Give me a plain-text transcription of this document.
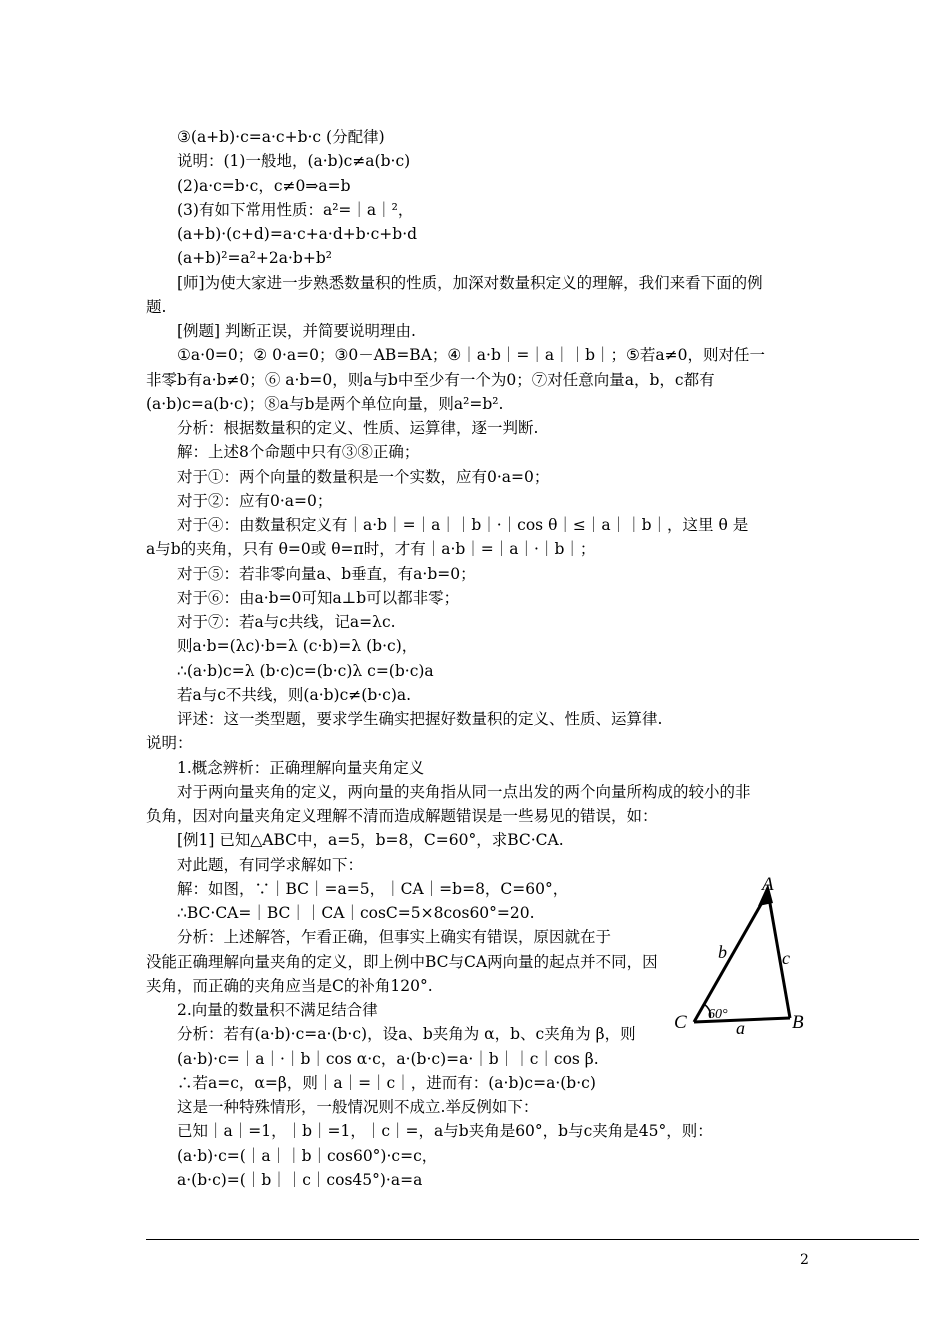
③(a+b)·c=a·c+b·c (分配律)
说明：(1)一般地，(a·b)c≠a(b·c)
(2)a·c=b·c，c≠0⇒a=b
(3)有如下常用性质：a²=｜a｜²，
(a+b)·(c+d)=a·c+a·d+b·c+b·d
(a+b)²=a²+2a·b+b²
[师]为使大家进一步熟悉数量积的性质，加深对数量积定义的理解，我们来看下面的例
题.
[例题] 判断正误，并简要说明理由.
①a·0=0；② 0·a=0；③0－AB=BA；④｜a·b｜=｜a｜｜b｜；⑤若a≠0，则对任一
非零b有a·b≠0；⑥ a·b=0，则a与b中至少有一个为0；⑦对任意向量a，b，c都有
(a·b)c=a(b·c)；⑧a与b是两个单位向量，则a²=b².
分析：根据数量积的定义、性质、运算律，逐一判断.
解：上述8个命题中只有③⑧正确；
对于①：两个向量的数量积是一个实数，应有0·a=0；
对于②：应有0·a=0；
对于④：由数量积定义有｜a·b｜=｜a｜｜b｜·｜cos θ｜≤｜a｜｜b｜，这里 θ 是
a与b的夹角，只有 θ=0或 θ=π时，才有｜a·b｜=｜a｜·｜b｜；
对于⑤：若非零向量a、b垂直，有a·b=0；
对于⑥：由a·b=0可知a⊥b可以都非零；
对于⑦：若a与c共线，记a=λc.
则a·b=(λc)·b=λ (c·b)=λ (b·c)，
∴(a·b)c=λ (b·c)c=(b·c)λ c=(b·c)a
若a与c不共线，则(a·b)c≠(b·c)a.
评述：这一类型题，要求学生确实把握好数量积的定义、性质、运算律.
说明：
1.概念辨析：正确理解向量夹角定义
对于两向量夹角的定义，两向量的夹角指从同一点出发的两个向量所构成的较小的非
负角，因对向量夹角定义理解不清而造成解题错误是一些易见的错误，如：
[例1] 已知△ABC中，a=5，b=8，C=60°，求BC·CA.
对此题，有同学求解如下：
解：如图，∵｜BC｜=a=5，｜CA｜=b=8，C=60°，
∴BC·CA=｜BC｜｜CA｜cosC=5×8cos60°=20.
分析：上述解答，乍看正确，但事实上确实有错误，原因就在于
没能正确理解向量夹角的定义，即上例中BC与CA两向量的起点并不同，因
夹角，而正确的夹角应当是C的补角120°.
2.向量的数量积不满足结合律
分析：若有(a·b)·c=a·(b·c)，设a、b夹角为 α，b、c夹角为 β，则
(a·b)·c=｜a｜·｜b｜cos α·c，a·(b·c)=a·｜b｜｜c｜cos β.
∴若a=c，α=β，则｜a｜=｜c｜，进而有：(a·b)c=a·(b·c)
这是一种特殊情形，一般情况则不成立.举反例如下：
已知｜a｜=1，｜b｜=1，｜c｜=，a与b夹角是60°，b与c夹角是45°，则：
(a·b)·c=(｜a｜｜b｜cos60°)·c=c，
a·(b·c)=(｜b｜｜c｜cos45°)·a=a
A
B
C	a
b	c
60°
2
